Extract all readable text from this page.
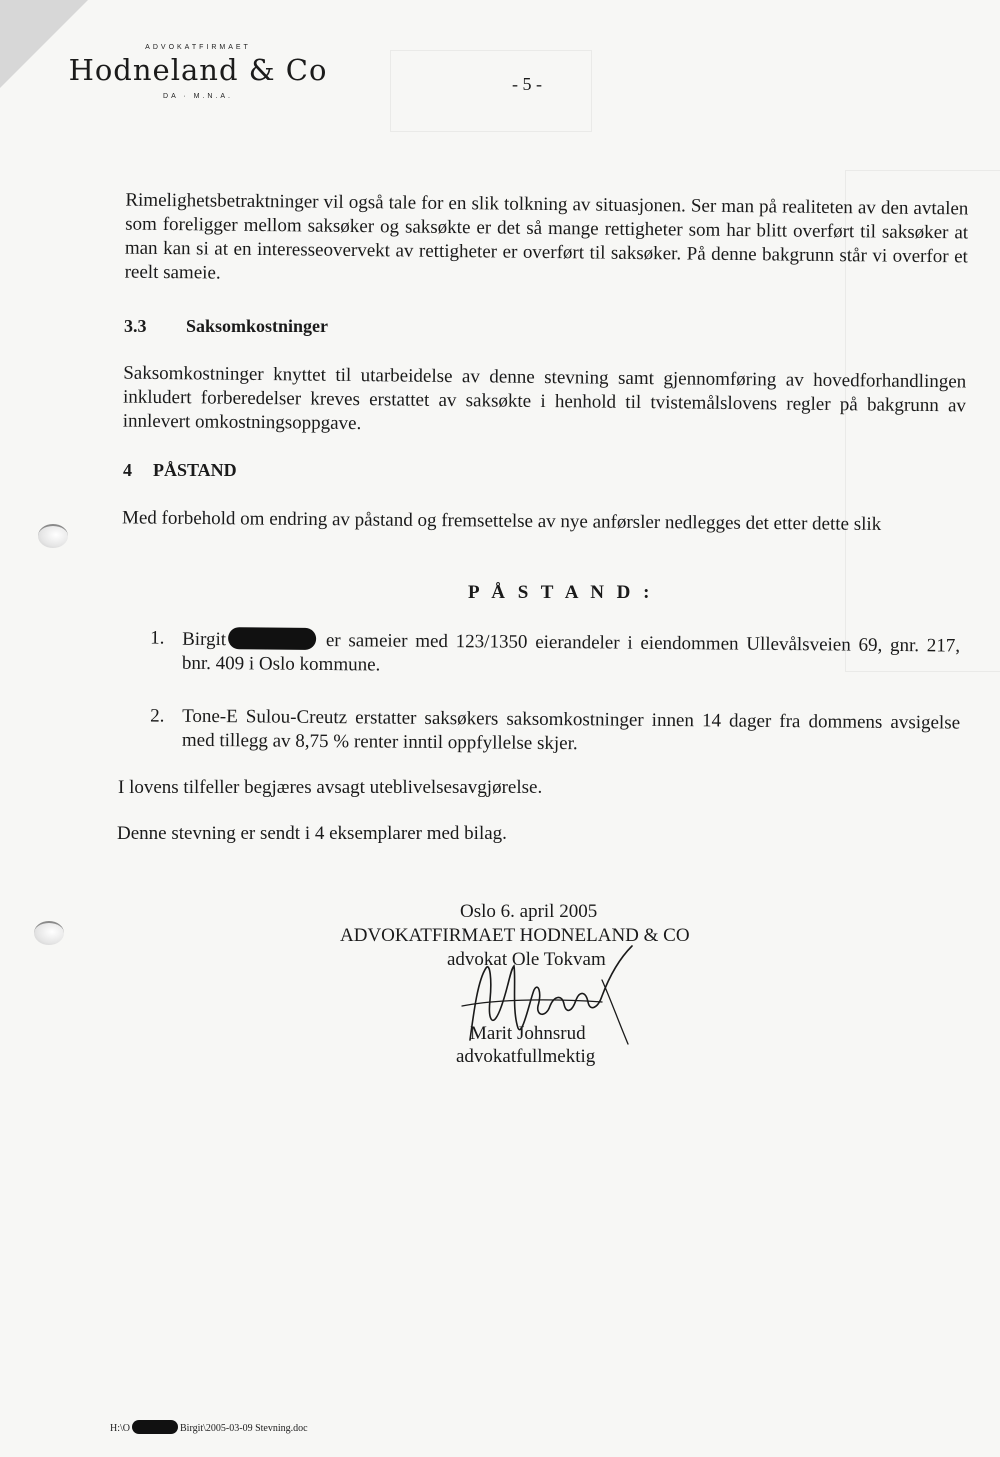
ADVOKATFIRMAET
Hodneland & Co
DA · M.N.A.
- 5 -
Rimelighetsbetraktninger vil også tale for en slik tolkning av situasjonen. Ser man på realiteten av den avtalen som foreligger mellom saksøker og saksøkte er det så mange rettigheter som har blitt overført til saksøker at man kan si at en interesseovervekt av rettigheter er overført til saksøker. På denne bakgrunn står vi overfor et reelt sameie.
3.3 Saksomkostninger
Saksomkostninger knyttet til utarbeidelse av denne stevning samt gjennomføring av hovedforhandlingen inkludert forberedelser kreves erstattet av saksøkte i henhold til tvistemålslovens regler på bakgrunn av innlevert omkostningsoppgave.
4 PÅSTAND
Med forbehold om endring av påstand og fremsettelse av nye anførsler nedlegges det etter dette slik
P Å S T A N D :
1. Birgit	er sameier med 123/1350 eierandeler i eiendommen Ullevålsveien 69, gnr. 217, bnr. 409 i Oslo kommune.
2. Tone-E Sulou-Creutz erstatter saksøkers saksomkostninger innen 14 dager fra dommens avsigelse med tillegg av 8,75 % renter inntil oppfyllelse skjer.
I lovens tilfeller begjæres avsagt uteblivelsesavgjørelse.
Denne stevning er sendt i 4 eksemplarer med bilag.
Oslo 6. april 2005
ADVOKATFIRMAET HODNELAND & CO
advokat Ole Tokvam
Marit Johnsrud
advokatfullmektig
H:\O	Birgit\2005-03-09 Stevning.doc
